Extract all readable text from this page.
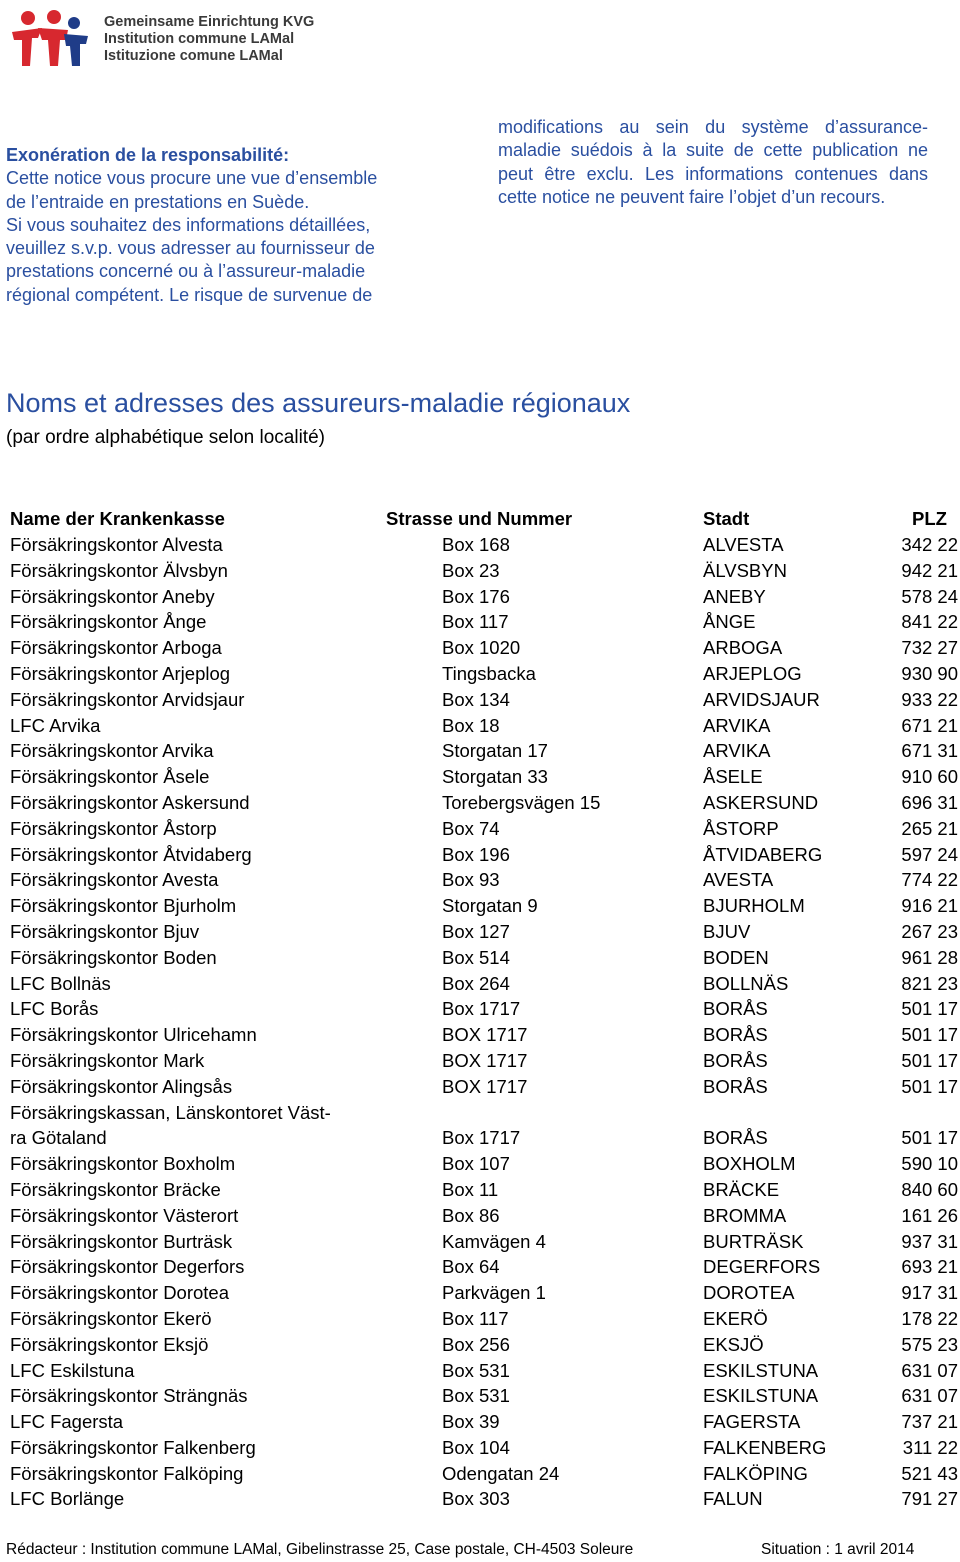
Gemeinsame Einrichtung KVG
Institution commune LAMal
Istituzione comune LAMal
Exonération de la responsabilité:
Cette notice vous procure une vue d’ensemble
de l’entraide en prestations en Suède.
Si vous souhaitez des informations détaillées,
veuillez s.v.p. vous adresser au fournisseur de
prestations concerné ou à l’assureur-maladie
régional compétent. Le risque de survenue de
modifications au sein du système d’assurance-maladie suédois à la suite de cette publication ne peut être exclu. Les informations contenues dans cette notice ne peuvent faire l’objet d’un recours.
Noms et adresses des assureurs-maladie régionaux
(par ordre alphabétique selon localité)
Name der Krankenkasse	Strasse und Nummer	Stadt	PLZ
Försäkringskontor Alvesta	Box 168	ALVESTA	342 22
Försäkringskontor Älvsbyn	Box 23	ÄLVSBYN	942 21
Försäkringskontor Aneby	Box 176	ANEBY	578 24
Försäkringskontor Ånge	Box 117	ÅNGE	841 22
Försäkringskontor Arboga	Box 1020	ARBOGA	732 27
Försäkringskontor Arjeplog	Tingsbacka	ARJEPLOG	930 90
Försäkringskontor Arvidsjaur	Box 134	ARVIDSJAUR	933 22
LFC Arvika	Box 18	ARVIKA	671 21
Försäkringskontor Arvika	Storgatan 17	ARVIKA	671 31
Försäkringskontor Åsele	Storgatan 33	ÅSELE	910 60
Försäkringskontor Askersund	Torebergsvägen 15	ASKERSUND	696 31
Försäkringskontor Åstorp	Box 74	ÅSTORP	265 21
Försäkringskontor Åtvidaberg	Box 196	ÅTVIDABERG	597 24
Försäkringskontor Avesta	Box 93	AVESTA	774 22
Försäkringskontor Bjurholm	Storgatan 9	BJURHOLM	916 21
Försäkringskontor Bjuv	Box 127	BJUV	267 23
Försäkringskontor Boden	Box 514	BODEN	961 28
LFC Bollnäs	Box 264	BOLLNÄS	821 23
LFC Borås	Box 1717	BORÅS	501 17
Försäkringskontor Ulricehamn	BOX 1717	BORÅS	501 17
Försäkringskontor Mark	BOX 1717	BORÅS	501 17
Försäkringskontor Alingsås	BOX 1717	BORÅS	501 17
Försäkringskassan, Länskontoret Väst-
ra Götaland	Box 1717	BORÅS	501 17
Försäkringskontor Boxholm	Box 107	BOXHOLM	590 10
Försäkringskontor Bräcke	Box 11	BRÄCKE	840 60
Försäkringskontor Västerort	Box 86	BROMMA	161 26
Försäkringskontor Burträsk	Kamvägen 4	BURTRÄSK	937 31
Försäkringskontor Degerfors	Box 64	DEGERFORS	693 21
Försäkringskontor Dorotea	Parkvägen 1	DOROTEA	917 31
Försäkringskontor Ekerö	Box 117	EKERÖ	178 22
Försäkringskontor Eksjö	Box 256	EKSJÖ	575 23
LFC Eskilstuna	Box 531	ESKILSTUNA	631 07
Försäkringskontor Strängnäs	Box 531	ESKILSTUNA	631 07
LFC Fagersta	Box 39	FAGERSTA	737 21
Försäkringskontor Falkenberg	Box 104	FALKENBERG	311 22
Försäkringskontor Falköping	Odengatan 24	FALKÖPING	521 43
LFC Borlänge	Box 303	FALUN	791 27
Rédacteur : Institution commune LAMal, Gibelinstrasse 25, Case postale, CH-4503 Soleure	Situation : 1 avril 2014
